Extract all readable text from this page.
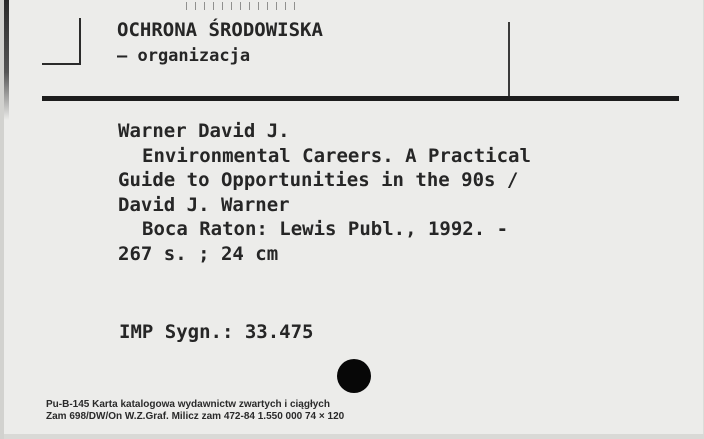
OCHRONA ŚRODOWISKA
– organizacja
Warner David J.
Environmental Careers. A Practical
Guide to Opportunities in the 90s /
David J. Warner
Boca Raton: Lewis Publ., 1992. -
267 s. ; 24 cm
IMP Sygn.: 33.475
Pu-B-145 Karta katalogowa wydawnictw zwartych i ciągłych
Zam 698/DW/On W.Z.Graf. Milicz zam 472-84 1.550 000 74 × 120
